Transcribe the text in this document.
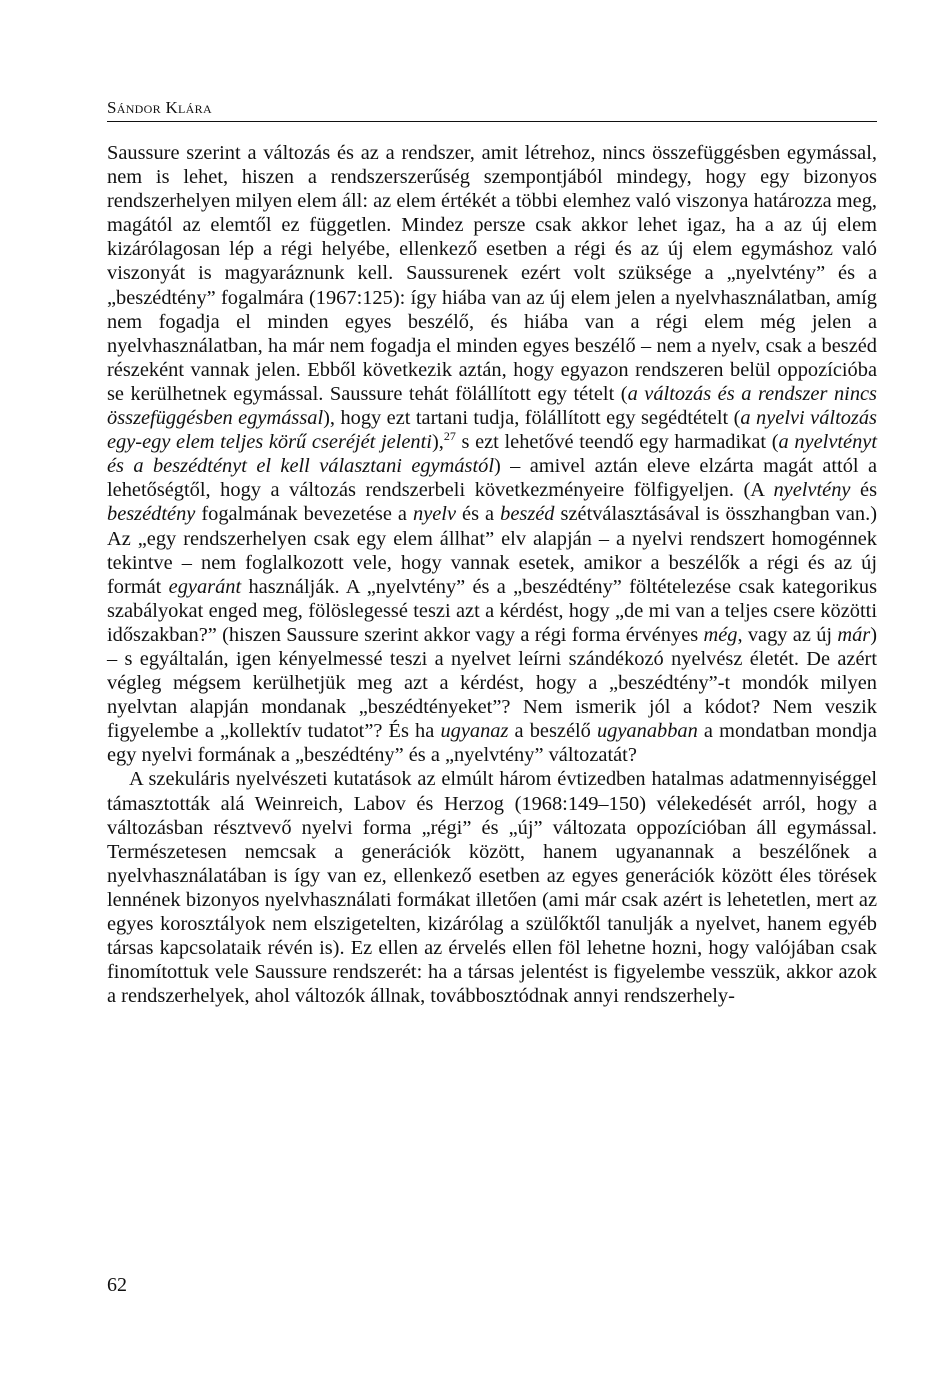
Sándor Klára

Saussure szerint a változás és az a rendszer, amit létrehoz, nincs összefüggésben egymással, nem is lehet, hiszen a rendszerszerűség szempontjából mindegy, hogy egy bizonyos rendszerhelyen milyen elem áll: az elem értékét a többi elemhez való viszonya határozza meg, magától az elemtől ez független. Mindez persze csak akkor lehet igaz, ha a az új elem kizárólagosan lép a régi helyébe, ellenkező esetben a régi és az új elem egymáshoz való viszonyát is magyaráznunk kell. Saussurenek ezért volt szüksége a „nyelvtény” és a „beszédtény” fogalmára (1967:125): így hiába van az új elem jelen a nyelvhasználatban, amíg nem fogadja el minden egyes beszélő, és hiába van a régi elem még jelen a nyelvhasználatban, ha már nem fogadja el minden egyes beszélő – nem a nyelv, csak a beszéd részeként vannak jelen. Ebből következik aztán, hogy egyazon rendszeren belül oppozícióba se kerülhetnek egymással. Saussure tehát fölállított egy tételt (a változás és a rendszer nincs összefüggésben egymással), hogy ezt tartani tudja, fölállított egy segédtételt (a nyelvi változás egy-egy elem teljes körű cseréjét jelenti),$^{27}$ s ezt lehetővé teendő egy harmadikat (a nyelvtényt és a beszédtényt el kell választani egymástól) – amivel aztán eleve elzárta magát attól a lehetőségtől, hogy a változás rendszerbeli következményeire fölfigyeljen. (A nyelvtény és beszédtény fogalmának bevezetése a nyelv és a beszéd szétválasztásával is összhangban van.) Az „egy rendszerhelyen csak egy elem állhat” elv alapján – a nyelvi rendszert homogénnek tekintve – nem foglalkozott vele, hogy vannak esetek, amikor a beszélők a régi és az új formát egyaránt használják. A „nyelvtény” és a „beszédtény” föltételezése csak kategorikus szabályokat enged meg, fölöslegessé teszi azt a kérdést, hogy „de mi van a teljes csere közötti időszakban?” (hiszen Saussure szerint akkor vagy a régi forma érvényes még, vagy az új már) – s egyáltalán, igen kényelmessé teszi a nyelvet leírni szándékozó nyelvész életét. De azért végleg mégsem kerülhetjük meg azt a kérdést, hogy a „beszédtény”-t mondók milyen nyelvtan alapján mondanak „beszédtényeket”? Nem ismerik jól a kódot? Nem veszik figyelembe a „kollektív tudatot”? És ha ugyanaz a beszélő ugyanabban a mondatban mondja egy nyelvi formának a „beszédtény” és a „nyelvtény” változatát?

A szekuláris nyelvészeti kutatások az elmúlt három évtizedben hatalmas adatmennyiséggel támasztották alá Weinreich, Labov és Herzog (1968:149–150) vélekedését arról, hogy a változásban résztvevő nyelvi forma „régi” és „új” változata oppozícióban áll egymással. Természetesen nemcsak a generációk között, hanem ugyanannak a beszélőnek a nyelvhasználatában is így van ez, ellenkező esetben az egyes generációk között éles törések lennének bizonyos nyelvhasználati formákat illetően (ami már csak azért is lehetetlen, mert az egyes korosztályok nem elszigetelten, kizárólag a szülőktől tanulják a nyelvet, hanem egyéb társas kapcsolataik révén is). Ez ellen az érvelés ellen föl lehetne hozni, hogy valójában csak finomítottuk vele Saussure rendszerét: ha a társas jelentést is figyelembe vesszük, akkor azok a rendszerhelyek, ahol változók állnak, továbbosztódnak annyi rendszerhely-

62
